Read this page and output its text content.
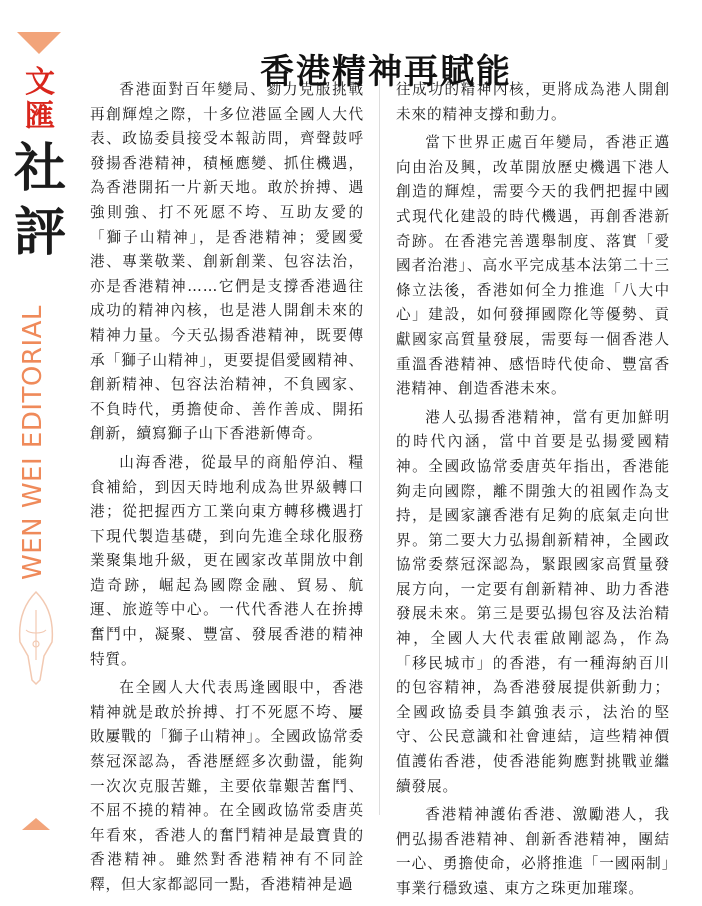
文
匯
社
評
WEN WEI EDITORIAL
香港精神再賦能

香港面對百年變局、勠力克服挑戰再創輝煌之際，十多位港區全國人大代表、政協委員接受本報訪問，齊聲鼓呼發揚香港精神，積極應變、抓住機遇，為香港開拓一片新天地。敢於拚搏、遇強則強、打不死愿不垮、互助友愛的「獅子山精神」，是香港精神；愛國愛港、專業敬業、創新創業、包容法治，亦是香港精神……它們是支撐香港過往成功的精神內核，也是港人開創未來的精神力量。今天弘揚香港精神，既要傳承「獅子山精神」，更要提倡愛國精神、創新精神、包容法治精神，不負國家、不負時代，勇擔使命、善作善成、開拓創新，續寫獅子山下香港新傳奇。

山海香港，從最早的商船停泊、糧食補給，到因天時地利成為世界級轉口港；從把握西方工業向東方轉移機遇打下現代製造基礎，到向先進全球化服務業聚集地升級，更在國家改革開放中創造奇跡，崛起為國際金融、貿易、航運、旅遊等中心。一代代香港人在拚搏奮鬥中，凝聚、豐富、發展香港的精神特質。

在全國人大代表馬逢國眼中，香港精神就是敢於拚搏、打不死愿不垮、屢敗屢戰的「獅子山精神」。全國政協常委蔡冠深認為，香港歷經多次動盪，能夠一次次克服苦難，主要依靠艱苦奮鬥、不屈不撓的精神。在全國政協常委唐英年看來，香港人的奮鬥精神是最寶貴的香港精神。雖然對香港精神有不同詮釋，但大家都認同一點，香港精神是過

往成功的精神內核，更將成為港人開創未來的精神支撐和動力。

當下世界正處百年變局，香港正邁向由治及興，改革開放歷史機遇下港人創造的輝煌，需要今天的我們把握中國式現代化建設的時代機遇，再創香港新奇跡。在香港完善選舉制度、落實「愛國者治港」、高水平完成基本法第二十三條立法後，香港如何全力推進「八大中心」建設，如何發揮國際化等優勢、貢獻國家高質量發展，需要每一個香港人重溫香港精神、感悟時代使命、豐富香港精神、創造香港未來。

港人弘揚香港精神，當有更加鮮明的時代內涵，當中首要是弘揚愛國精神。全國政協常委唐英年指出，香港能夠走向國際，離不開強大的祖國作為支持，是國家讓香港有足夠的底氣走向世界。第二要大力弘揚創新精神，全國政協常委蔡冠深認為，緊跟國家高質量發展方向，一定要有創新精神、助力香港發展未來。第三是要弘揚包容及法治精神，全國人大代表霍啟剛認為，作為「移民城市」的香港，有一種海納百川的包容精神，為香港發展提供新動力；全國政協委員李鎮強表示，法治的堅守、公民意識和社會連結，這些精神價值護佑香港，使香港能夠應對挑戰並繼續發展。

香港精神護佑香港、激勵港人，我們弘揚香港精神、創新香港精神，團結一心、勇擔使命，必將推進「一國兩制」事業行穩致遠、東方之珠更加璀璨。
